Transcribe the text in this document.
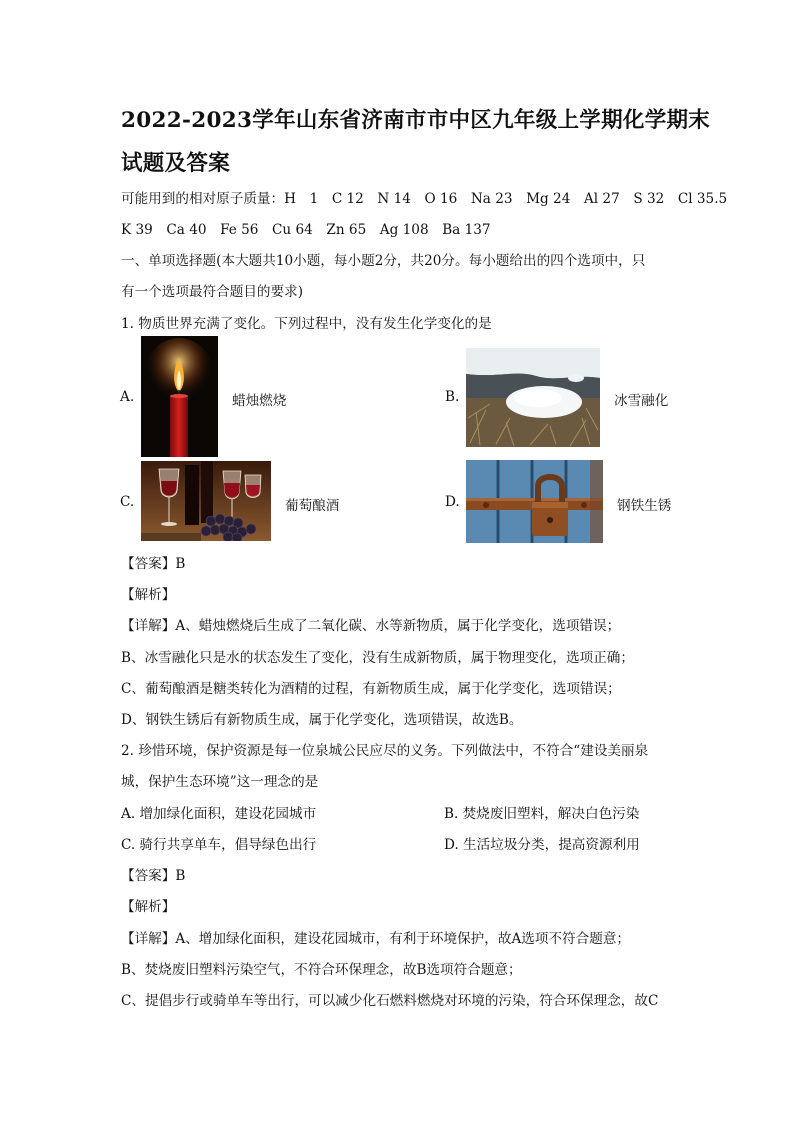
2022-2023学年山东省济南市市中区九年级上学期化学期末
试题及答案
可能用到的相对原子质量：H　1　C 12　N 14　O 16　Na 23　Mg 24　Al 27　S 32　Cl 35.5
K 39　Ca 40　Fe 56　Cu 64　Zn 65　Ag 108　Ba 137
一、单项选择题(本大题共10小题，每小题2分，共20分。每小题给出的四个选项中，只
有一个选项最符合题目的要求)
1. 物质世界充满了变化。下列过程中，没有发生化学变化的是
A.	蜡烛燃烧	B.	冰雪融化
C.	葡萄酿酒	D.	钢铁生锈
【答案】B
【解析】
【详解】A、蜡烛燃烧后生成了二氧化碳、水等新物质，属于化学变化，选项错误；
B、冰雪融化只是水的状态发生了变化，没有生成新物质，属于物理变化，选项正确；
C、葡萄酿酒是糖类转化为酒精的过程，有新物质生成，属于化学变化，选项错误；
D、钢铁生锈后有新物质生成，属于化学变化，选项错误，故选B。
2. 珍惜环境，保护资源是每一位泉城公民应尽的义务。下列做法中，不符合“建设美丽泉
城，保护生态环境”这一理念的是
A. 增加绿化面积，建设花园城市	B. 焚烧废旧塑料，解决白色污染
C. 骑行共享单车，倡导绿色出行	D. 生活垃圾分类，提高资源利用
【答案】B
【解析】
【详解】A、增加绿化面积，建设花园城市，有利于环境保护，故A选项不符合题意；
B、焚烧废旧塑料污染空气，不符合环保理念，故B选项符合题意；
C、提倡步行或骑单车等出行，可以减少化石燃料燃烧对环境的污染，符合环保理念，故C
